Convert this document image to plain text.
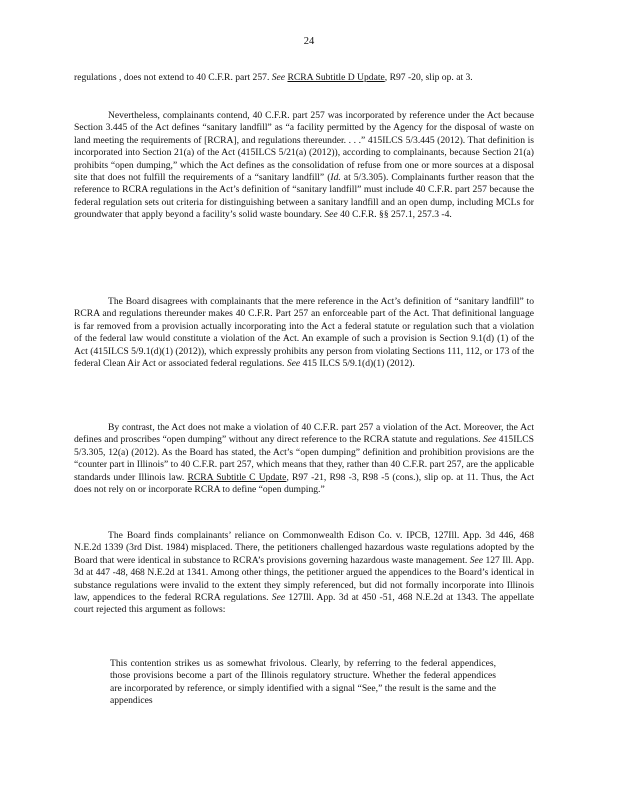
24

regulations , does not extend to 40 C.F.R. part 257. See RCRA Subtitle D Update, R97 -20, slip op. at 3.

Nevertheless, complainants contend, 40 C.F.R. part 257 was incorporated by reference under the Act because Section 3.445 of the Act defines “sanitary landfill” as “a facility permitted by the Agency for the disposal of waste on land meeting the requirements of [RCRA], and regulations thereunder. . . .” 415ILCS 5/3.445 (2012). That definition is incorporated into Section 21(a) of the Act (415ILCS 5/21(a) (2012)), according to complainants, because Section 21(a) prohibits “open dumping,” which the Act defines as the consolidation of refuse from one or more sources at a disposal site that does not fulfill the requirements of a “sanitary landfill” (Id. at 5/3.305). Complainants further reason that the reference to RCRA regulations in the Act’s definition of “sanitary landfill” must include 40 C.F.R. part 257 because the federal regulation sets out criteria for distinguishing between a sanitary landfill and an open dump, including MCLs for groundwater that apply beyond a facility’s solid waste boundary. See 40 C.F.R. §§ 257.1, 257.3 -4.

The Board disagrees with complainants that the mere reference in the Act’s definition of “sanitary landfill” to RCRA and regulations thereunder makes 40 C.F.R. Part 257 an enforceable part of the Act. That definitional language is far removed from a provision actually incorporating into the Act a federal statute or regulation such that a violation of the federal law would constitute a violation of the Act. An example of such a provision is Section 9.1(d) (1) of the Act (415ILCS 5/9.1(d)(1) (2012)), which expressly prohibits any person from violating Sections 111, 112, or 173 of the federal Clean Air Act or associated federal regulations. See 415 ILCS 5/9.1(d)(1) (2012).

By contrast, the Act does not make a violation of 40 C.F.R. part 257 a violation of the Act. Moreover, the Act defines and proscribes “open dumping” without any direct reference to the RCRA statute and regulations. See 415ILCS 5/3.305, 12(a) (2012). As the Board has stated, the Act’s “open dumping” definition and prohibition provisions are the “counter part in Illinois” to 40 C.F.R. part 257, which means that they, rather than 40 C.F.R. part 257, are the applicable standards under Illinois law. RCRA Subtitle C Update, R97 -21, R98 -3, R98 -5 (cons.), slip op. at 11. Thus, the Act does not rely on or incorporate RCRA to define “open dumping.”

The Board finds complainants’ reliance on Commonwealth Edison Co. v. IPCB, 127Ill. App. 3d 446, 468 N.E.2d 1339 (3rd Dist. 1984) misplaced. There, the petitioners challenged hazardous waste regulations adopted by the Board that were identical in substance to RCRA’s provisions governing hazardous waste management. See 127 Ill. App. 3d at 447 -48, 468 N.E.2d at 1341. Among other things, the petitioner argued the appendices to the Board’s identical in substance regulations were invalid to the extent they simply referenced, but did not formally incorporate into Illinois law, appendices to the federal RCRA regulations. See 127Ill. App. 3d at 450 -51, 468 N.E.2d at 1343. The appellate court rejected this argument as follows:

This contention strikes us as somewhat frivolous. Clearly, by referring to the federal appendices, those provisions become a part of the Illinois regulatory structure. Whether the federal appendices are incorporated by reference, or simply identified with a signal “See,” the result is the same and the appendices
